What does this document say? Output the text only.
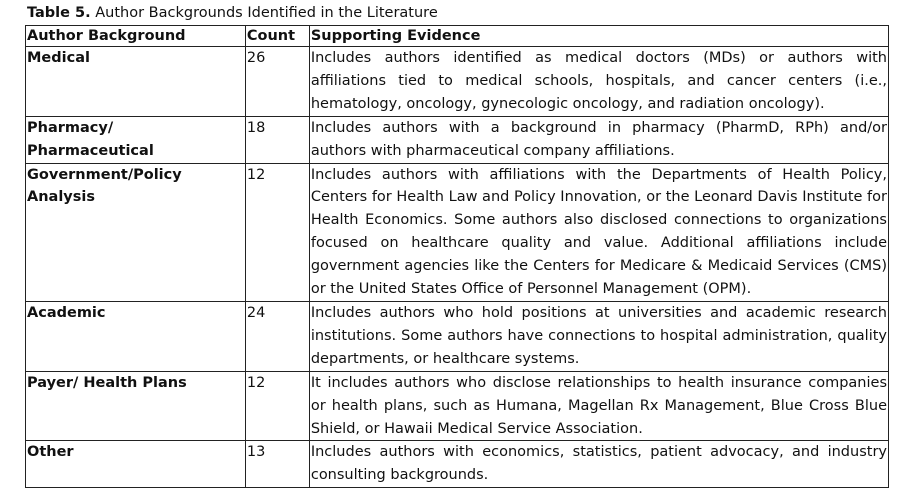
Table 5. Author Backgrounds Identified in the Literature
Author Background	Count	Supporting Evidence
Medical	26	Includes authors identified as medical doctors (MDs) or authors with affiliations tied to medical schools, hospitals, and cancer centers (i.e., hematology, oncology, gynecologic oncology, and radiation oncology).
Pharmacy/ Pharmaceutical	18	Includes authors with a background in pharmacy (PharmD, RPh) and/or authors with pharmaceutical company affiliations.
Government/Policy Analysis	12	Includes authors with affiliations with the Departments of Health Policy, Centers for Health Law and Policy Innovation, or the Leonard Davis Institute for Health Economics. Some authors also disclosed connections to organizations focused on healthcare quality and value. Additional affiliations include government agencies like the Centers for Medicare & Medicaid Services (CMS) or the United States Office of Personnel Management (OPM).
Academic	24	Includes authors who hold positions at universities and academic research institutions. Some authors have connections to hospital administration, quality departments, or healthcare systems.
Payer/ Health Plans	12	It includes authors who disclose relationships to health insurance companies or health plans, such as Humana, Magellan Rx Management, Blue Cross Blue Shield, or Hawaii Medical Service Association.
Other	13	Includes authors with economics, statistics, patient advocacy, and industry consulting backgrounds.
